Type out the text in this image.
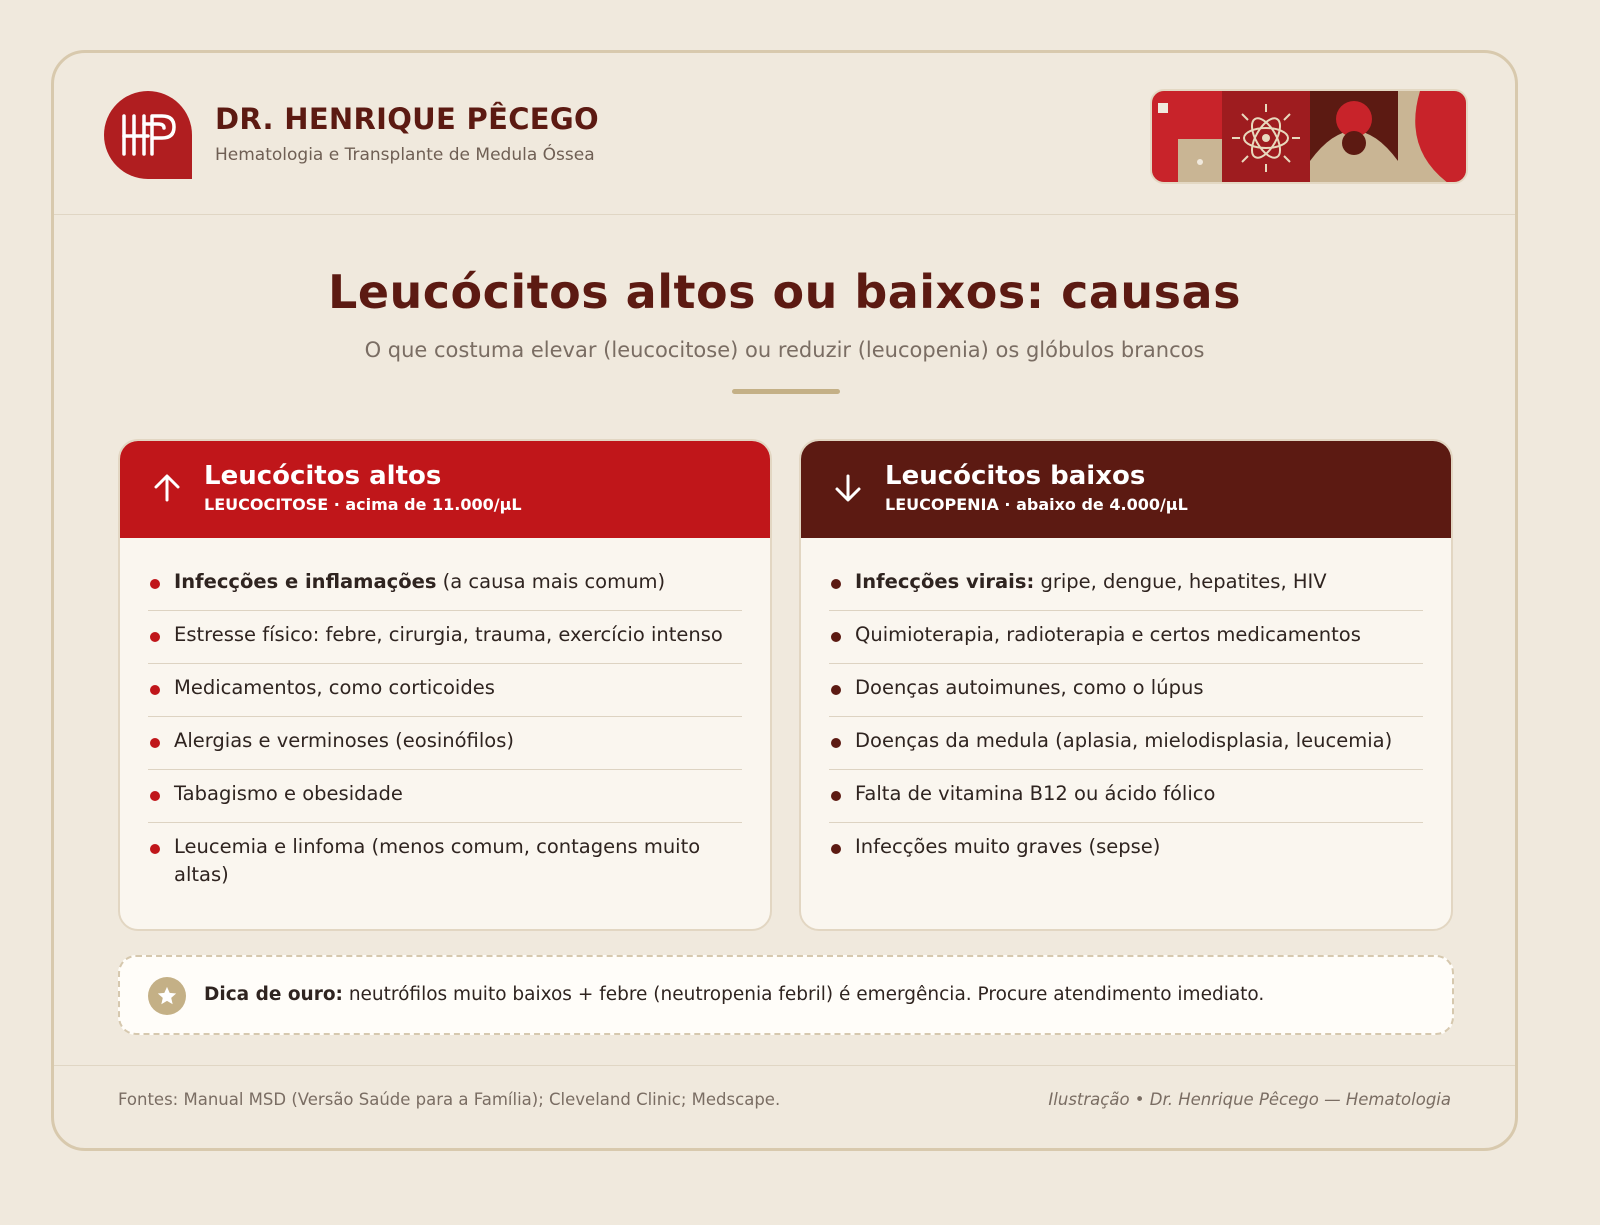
DR. HENRIQUE PÊCEGO
Hematologia e Transplante de Medula Óssea
Leucócitos altos ou baixos: causas
O que costuma elevar (leucocitose) ou reduzir (leucopenia) os glóbulos brancos
Leucócitos altos
LEUCOCITOSE · acima de 11.000/µL
Infecções e inflamações (a causa mais comum)
Estresse físico: febre, cirurgia, trauma, exercício intenso
Medicamentos, como corticoides
Alergias e verminoses (eosinófilos)
Tabagismo e obesidade
Leucemia e linfoma (menos comum, contagens muito altas)
Leucócitos baixos
LEUCOPENIA · abaixo de 4.000/µL
Infecções virais: gripe, dengue, hepatites, HIV
Quimioterapia, radioterapia e certos medicamentos
Doenças autoimunes, como o lúpus
Doenças da medula (aplasia, mielodisplasia, leucemia)
Falta de vitamina B12 ou ácido fólico
Infecções muito graves (sepse)
Dica de ouro: neutrófilos muito baixos + febre (neutropenia febril) é emergência. Procure atendimento imediato.
Fontes: Manual MSD (Versão Saúde para a Família); Cleveland Clinic; Medscape.	Ilustração • Dr. Henrique Pêcego — Hematologia
